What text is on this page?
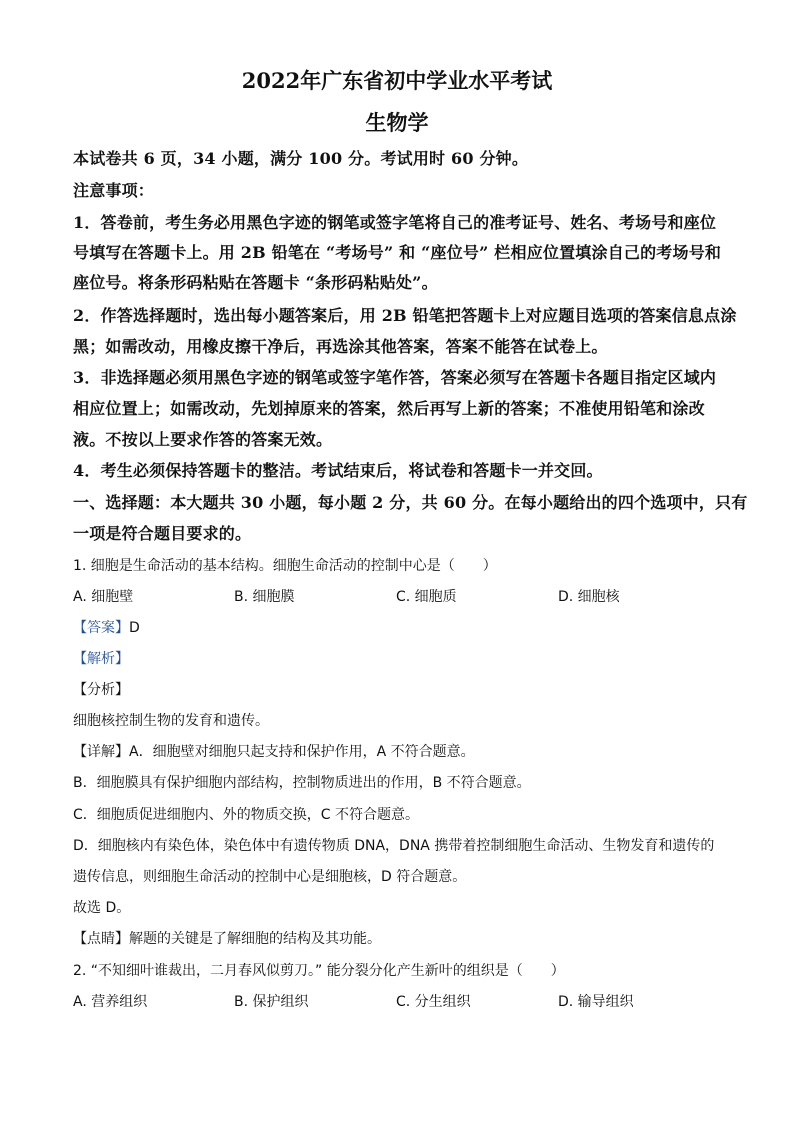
2022年广东省初中学业水平考试
生物学
本试卷共 6 页，34 小题，满分 100 分。考试用时 60 分钟。
注意事项：
1．答卷前，考生务必用黑色字迹的钢笔或签字笔将自己的准考证号、姓名、考场号和座位
号填写在答题卡上。用 2B 铅笔在 “考场号” 和 “座位号” 栏相应位置填涂自己的考场号和
座位号。将条形码粘贴在答题卡 “条形码粘贴处”。
2．作答选择题时，选出每小题答案后，用 2B 铅笔把答题卡上对应题目选项的答案信息点涂
黑；如需改动，用橡皮擦干净后，再选涂其他答案，答案不能答在试卷上。
3．非选择题必须用黑色字迹的钢笔或签字笔作答，答案必须写在答题卡各题目指定区域内
相应位置上；如需改动，先划掉原来的答案，然后再写上新的答案；不准使用铅笔和涂改
液。不按以上要求作答的答案无效。
4．考生必须保持答题卡的整洁。考试结束后，将试卷和答题卡一并交回。
一、选择题：本大题共 30 小题，每小题 2 分，共 60 分。在每小题给出的四个选项中，只有
一项是符合题目要求的。
1. 细胞是生命活动的基本结构。细胞生命活动的控制中心是（　　）
A. 细胞壁	B. 细胞膜	C. 细胞质	D. 细胞核
【答案】D
【解析】
【分析】
细胞核控制生物的发育和遗传。
【详解】A．细胞壁对细胞只起支持和保护作用，A 不符合题意。
B．细胞膜具有保护细胞内部结构，控制物质进出的作用，B 不符合题意。
C．细胞质促进细胞内、外的物质交换，C 不符合题意。
D．细胞核内有染色体，染色体中有遗传物质 DNA，DNA 携带着控制细胞生命活动、生物发育和遗传的
遗传信息，则细胞生命活动的控制中心是细胞核，D 符合题意。
故选 D。
【点睛】解题的关键是了解细胞的结构及其功能。
2. “不知细叶谁裁出，二月春风似剪刀。” 能分裂分化产生新叶的组织是（　　）
A. 营养组织	B. 保护组织	C. 分生组织	D. 输导组织
